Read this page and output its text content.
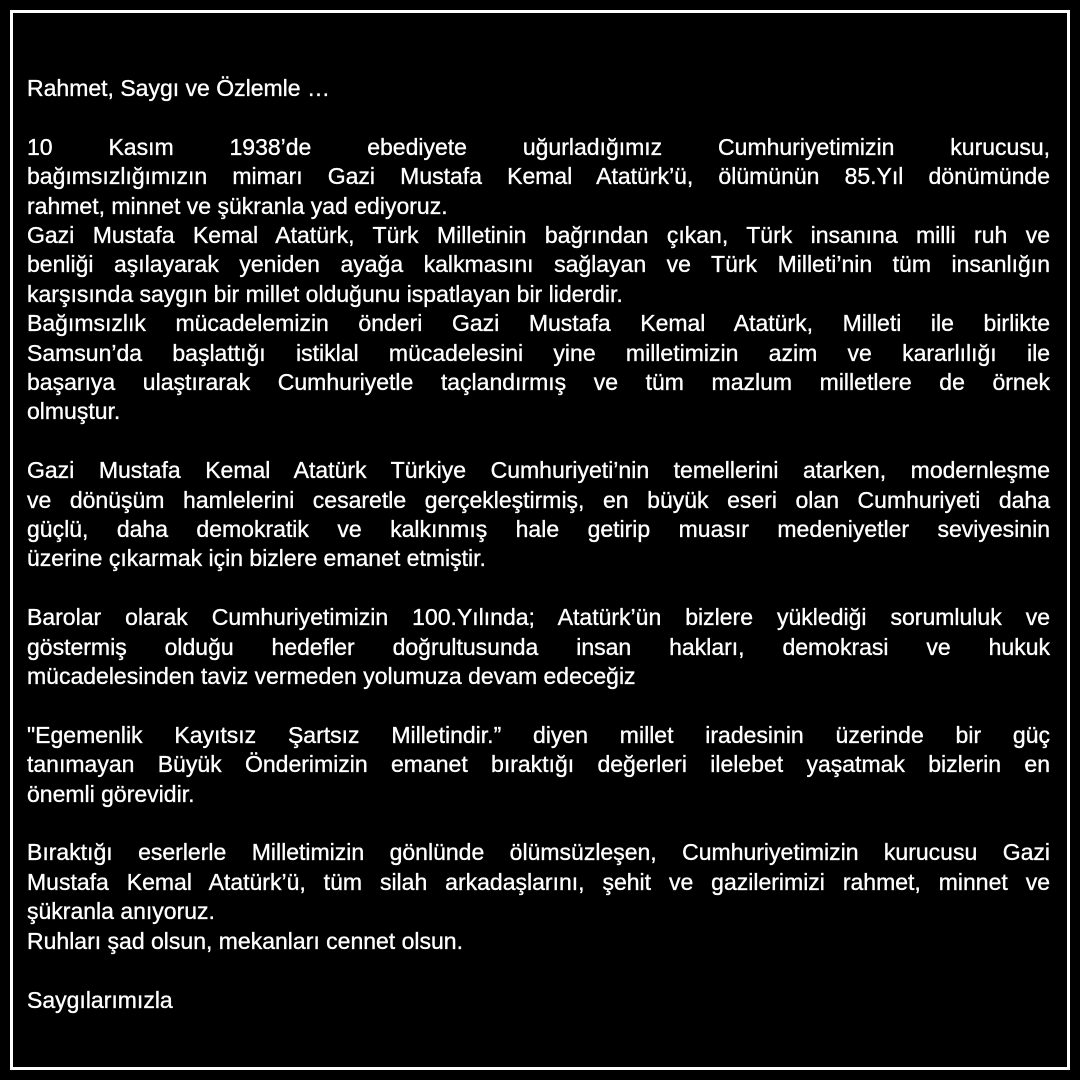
Rahmet, Saygı ve Özlemle …
10 Kasım 1938’de ebediyete uğurladığımız Cumhuriyetimizin kurucusu,
bağımsızlığımızın mimarı Gazi Mustafa Kemal Atatürk’ü, ölümünün 85.Yıl dönümünde
rahmet, minnet ve şükranla yad ediyoruz.
Gazi Mustafa Kemal Atatürk, Türk Milletinin bağrından çıkan, Türk insanına milli ruh ve
benliği aşılayarak yeniden ayağa kalkmasını sağlayan ve Türk Milleti’nin tüm insanlığın
karşısında saygın bir millet olduğunu ispatlayan bir liderdir.
Bağımsızlık mücadelemizin önderi Gazi Mustafa Kemal Atatürk, Milleti ile birlikte
Samsun’da başlattığı istiklal mücadelesini yine milletimizin azim ve kararlılığı ile
başarıya ulaştırarak Cumhuriyetle taçlandırmış ve tüm mazlum milletlere de örnek
olmuştur.
Gazi Mustafa Kemal Atatürk Türkiye Cumhuriyeti’nin temellerini atarken, modernleşme
ve dönüşüm hamlelerini cesaretle gerçekleştirmiş, en büyük eseri olan Cumhuriyeti daha
güçlü, daha demokratik ve kalkınmış hale getirip muasır medeniyetler seviyesinin
üzerine çıkarmak için bizlere emanet etmiştir.
Barolar olarak Cumhuriyetimizin 100.Yılında; Atatürk’ün bizlere yüklediği sorumluluk ve
göstermiş olduğu hedefler doğrultusunda insan hakları, demokrasi ve hukuk
mücadelesinden taviz vermeden yolumuza devam edeceğiz
"Egemenlik Kayıtsız Şartsız Milletindir.” diyen millet iradesinin üzerinde bir güç
tanımayan Büyük Önderimizin emanet bıraktığı değerleri ilelebet yaşatmak bizlerin en
önemli görevidir.
Bıraktığı eserlerle Milletimizin gönlünde ölümsüzleşen, Cumhuriyetimizin kurucusu Gazi
Mustafa Kemal Atatürk’ü, tüm silah arkadaşlarını, şehit ve gazilerimizi rahmet, minnet ve
şükranla anıyoruz.
Ruhları şad olsun, mekanları cennet olsun.
Saygılarımızla
